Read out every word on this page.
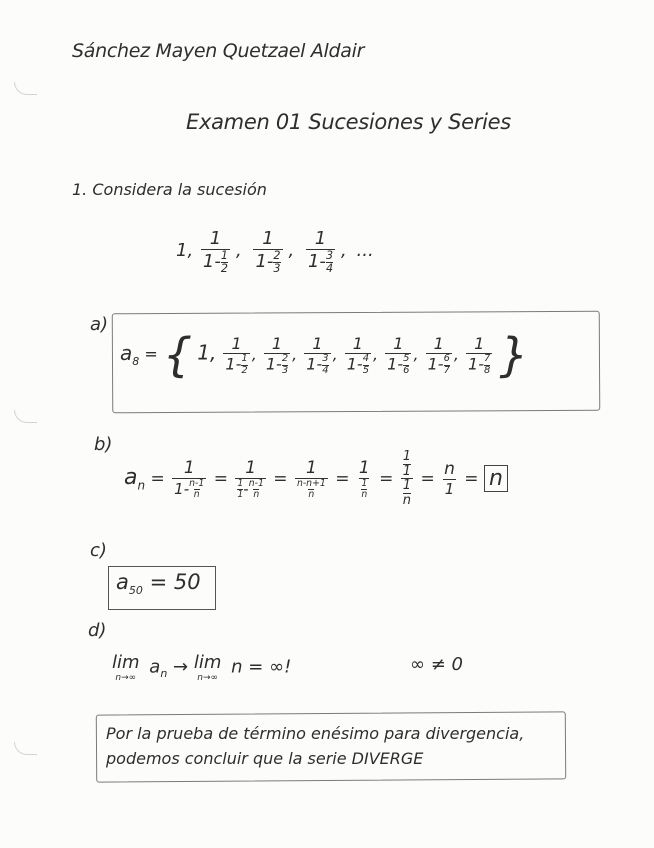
Sánchez Mayen Quetzael Aldair
Examen 01 Sucesiones y Series
1. Considera la sucesión
1, $\frac{1}{1- \frac{1}{2}}$ , $\frac{1}{1- \frac{2}{3}}$ , $\frac{1}{1- \frac{3}{4}}$ , ...
a)
$a_8$ = { 1, $\frac{1}{1- \frac{1}{2}}$ , $\frac{1}{1- \frac{2}{3}}$ , $\frac{1}{1- \frac{3}{4}}$ , $\frac{1}{1- \frac{4}{5}}$ , $\frac{1}{1- \frac{5}{6}}$ , $\frac{1}{1- \frac{6}{7}}$ , $\frac{1}{1- \frac{7}{8}}$ }
b)
$a_n = \frac{1}{1- \frac{n-1}{n}} = \frac{1}{\frac{1}{1} - \frac{n-1}{n}} = \frac{1}{\frac{n-n+1}{n}} = \frac{1}{\frac{1}{n}} = \frac{\frac{1}{1}}{\frac{1}{n}} = \frac{n}{1} = n$
c)
$a_{50} = 50$
d)
lim
n→∞
$a_n \to \lim$
n→∞
n = ∞!	∞ ≠ 0
Por la prueba de término enésimo para divergencia,
podemos concluir que la serie DIVERGE
